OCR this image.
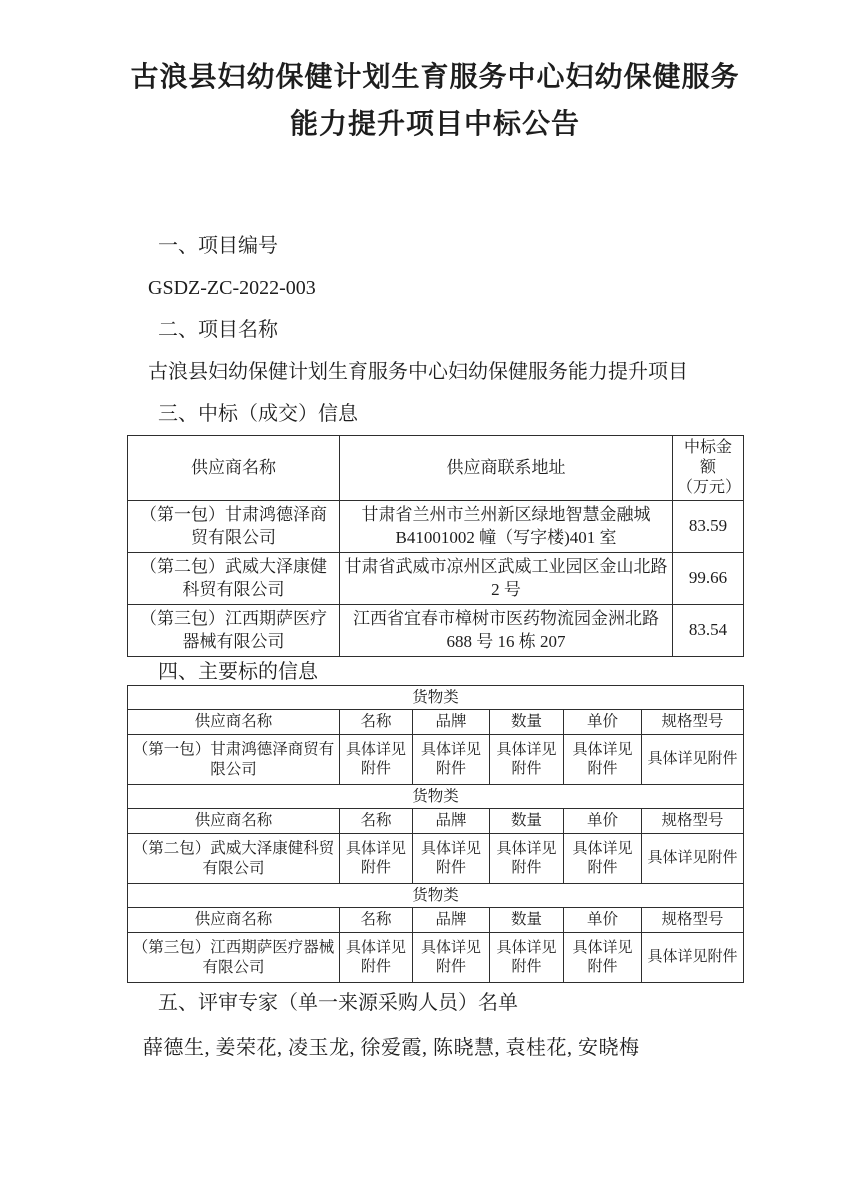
古浪县妇幼保健计划生育服务中心妇幼保健服务
能力提升项目中标公告

一、项目编号

GSDZ-ZC-2022-003

二、项目名称

古浪县妇幼保健计划生育服务中心妇幼保健服务能力提升项目

三、中标（成交）信息

供应商名称	供应商联系地址	中标金额
（万元）

（第一包）甘肃鸿德泽商贸有限公司	甘肃省兰州市兰州新区绿地智慧金融城 B41001002 幢（写字楼)401 室	83.59
（第二包）武威大泽康健科贸有限公司	甘肃省武威市凉州区武威工业园区金山北路 2 号	99.66
（第三包）江西期萨医疗器械有限公司	江西省宜春市樟树市医药物流园金洲北路 688 号 16 栋 207	83.54

四、主要标的信息

货物类					
供应商名称	名称	品牌	数量	单价	规格型号
（第一包）甘肃鸿德泽商贸有限公司	具体详见附件	具体详见附件	具体详见附件	具体详见附件	具体详见附件
货物类					
供应商名称	名称	品牌	数量	单价	规格型号
（第二包）武威大泽康健科贸有限公司	具体详见附件	具体详见附件	具体详见附件	具体详见附件	具体详见附件
货物类					
供应商名称	名称	品牌	数量	单价	规格型号
（第三包）江西期萨医疗器械有限公司	具体详见附件	具体详见附件	具体详见附件	具体详见附件	具体详见附件

五、评审专家（单一来源采购人员）名单

薛德生, 姜荣花, 凌玉龙, 徐爱霞, 陈晓慧, 袁桂花, 安晓梅
